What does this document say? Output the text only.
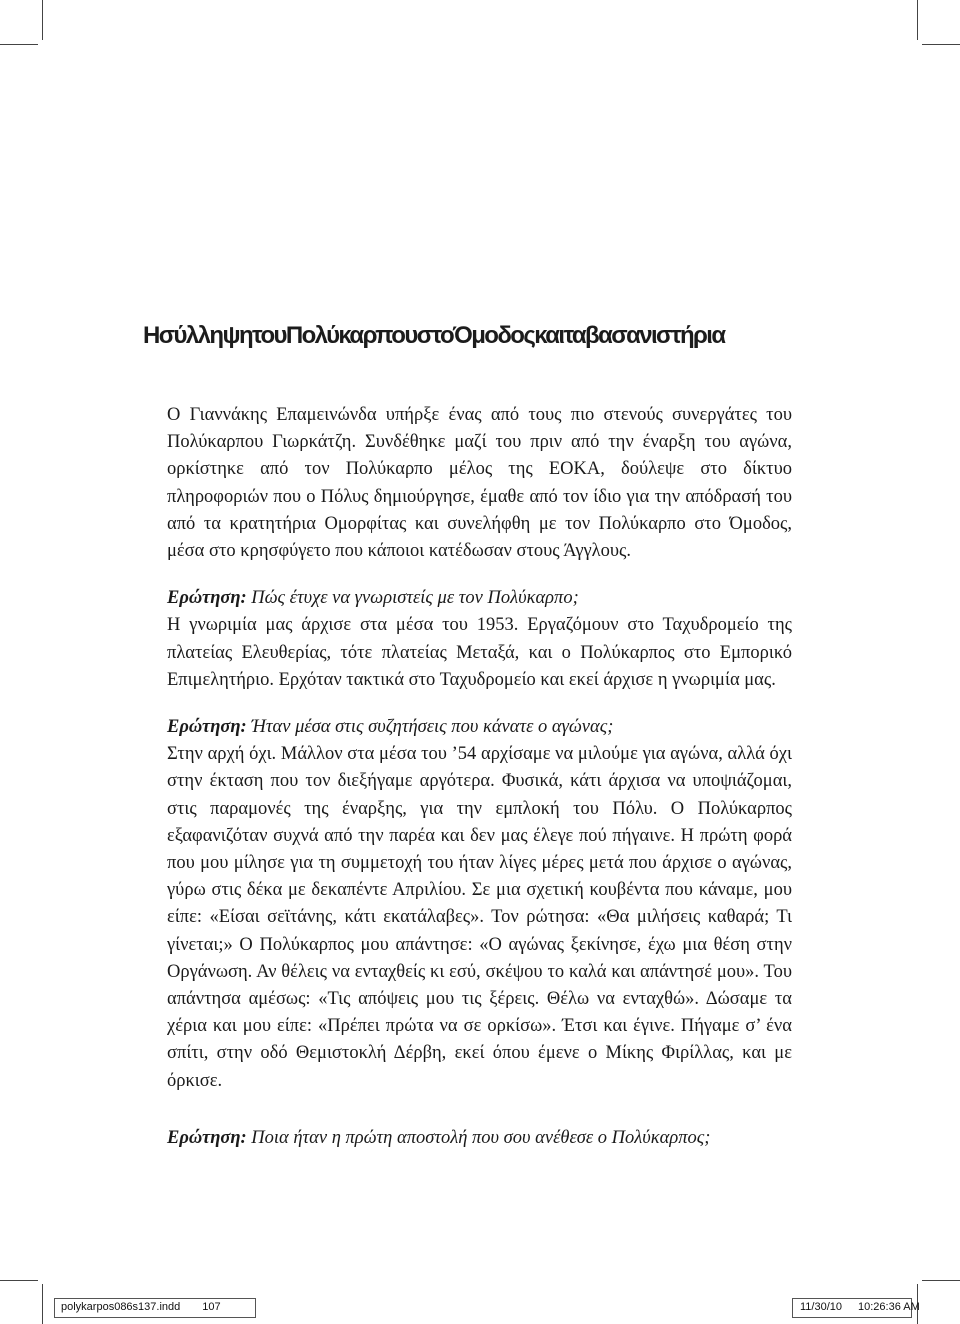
ΗσύλληψητουΠολύκαρπουστοΌμοδοςκαιταβασανιστήρια

Ο Γιαννάκης Επαμεινώνδα υπήρξε ένας από τους πιο στενούς συνεργάτες του Πολύκαρπου Γιωρκάτζη. Συνδέθηκε μαζί του πριν από την έναρξη του αγώνα, ορκίστηκε από τον Πολύκαρπο μέλος της ΕΟΚΑ, δούλεψε στο δίκτυο πληροφοριών που ο Πόλυς δημιούργησε, έμαθε από τον ίδιο για την απόδρασή του από τα κρατητήρια Ομορφίτας και συνελήφθη με τον Πολύκαρπο στο Όμοδος, μέσα στο κρησφύγετο που κάποιοι κατέδωσαν στους Άγγλους.

Ερώτηση: Πώς έτυχε να γνωριστείς με τον Πολύκαρπο;

Η γνωριμία μας άρχισε στα μέσα του 1953. Εργαζόμουν στο Ταχυδρομείο της πλατείας Ελευθερίας, τότε πλατείας Μεταξά, και ο Πολύκαρπος στο Εμπορικό Επιμελητήριο. Ερχόταν τακτικά στο Ταχυδρομείο και εκεί άρχισε η γνωριμία μας.

Ερώτηση: Ήταν μέσα στις συζητήσεις που κάνατε ο αγώνας;

Στην αρχή όχι. Μάλλον στα μέσα του ’54 αρχίσαμε να μιλούμε για αγώνα, αλλά όχι στην έκταση που τον διεξήγαμε αργότερα. Φυσικά, κάτι άρχισα να υποψιάζομαι, στις παραμονές της έναρξης, για την εμπλοκή του Πόλυ. Ο Πολύκαρπος εξαφανιζόταν συχνά από την παρέα και δεν μας έλεγε πού πήγαινε. Η πρώτη φορά που μου μίλησε για τη συμμετοχή του ήταν λίγες μέρες μετά που άρχισε ο αγώνας, γύρω στις δέκα με δεκαπέντε Απριλίου. Σε μια σχετική κουβέντα που κάναμε, μου είπε: «Είσαι σεϊτάνης, κάτι εκατάλαβες». Τον ρώτησα: «Θα μιλήσεις καθαρά; Τι γίνεται;» Ο Πολύκαρπος μου απάντησε: «Ο αγώνας ξεκίνησε, έχω μια θέση στην Οργάνωση. Αν θέλεις να ενταχθείς κι εσύ, σκέψου το καλά και απάντησέ μου». Του απάντησα αμέσως: «Τις απόψεις μου τις ξέρεις. Θέλω να ενταχθώ». Δώσαμε τα χέρια και μου είπε: «Πρέπει πρώτα να σε ορκίσω». Έτσι και έγινε. Πήγαμε σ’ ένα σπίτι, στην οδό Θεμιστοκλή Δέρβη, εκεί όπου έμενε ο Μίκης Φιρίλλας, και με όρκισε.

Ερώτηση: Ποια ήταν η πρώτη αποστολή που σου ανέθεσε ο Πολύκαρπος;

polykarpos086s137.indd 107	11/30/10 10:26:36 AM
